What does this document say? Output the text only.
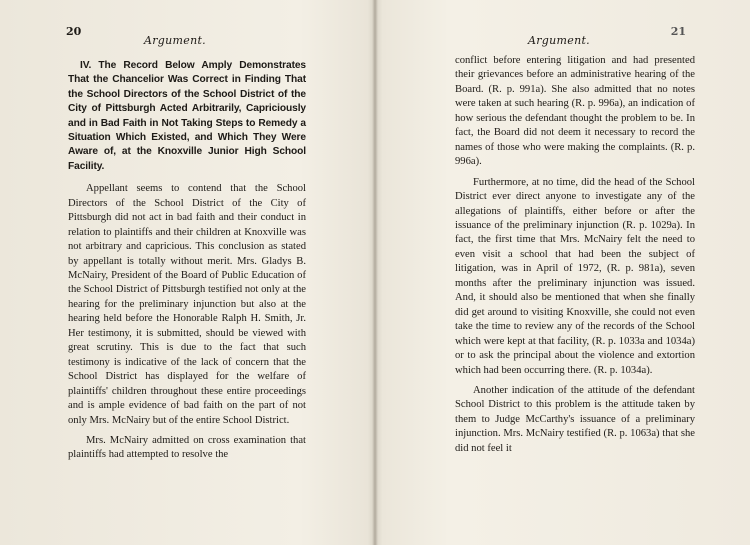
20
Argument.
IV. The Record Below Amply Demonstrates That the Chancelior Was Correct in Finding That the School Directors of the School District of the City of Pittsburgh Acted Arbitrarily, Capriciously and in Bad Faith in Not Taking Steps to Remedy a Situation Which Existed, and Which They Were Aware of, at the Knoxville Junior High School Facility.

Appellant seems to contend that the School Directors of the School District of the City of Pittsburgh did not act in bad faith and their conduct in relation to plaintiffs and their children at Knoxville was not arbitrary and capricious. This conclusion as stated by appellant is totally without merit. Mrs. Gladys B. McNairy, President of the Board of Public Education of the School District of Pittsburgh testified not only at the hearing for the preliminary injunction but also at the hearing held before the Honorable Ralph H. Smith, Jr. Her testimony, it is submitted, should be viewed with great scrutiny. This is due to the fact that such testimony is indicative of the lack of concern that the School District has displayed for the welfare of plaintiffs' children throughout these entire proceedings and is ample evidence of bad faith on the part of not only Mrs. McNairy but of the entire School District.

Mrs. McNairy admitted on cross examination that plaintiffs had attempted to resolve the

21
Argument.

conflict before entering litigation and had presented their grievances before an administrative hearing of the Board. (R. p. 991a). She also admitted that no notes were taken at such hearing (R. p. 996a), an indication of how serious the defendant thought the problem to be. In fact, the Board did not deem it necessary to record the names of those who were making the complaints. (R. p. 996a).

Furthermore, at no time, did the head of the School District ever direct anyone to investigate any of the allegations of plaintiffs, either before or after the issuance of the preliminary injunction (R. p. 1029a). In fact, the first time that Mrs. McNairy felt the need to even visit a school that had been the subject of litigation, was in April of 1972, (R. p. 981a), seven months after the preliminary injunction was issued. And, it should also be mentioned that when she finally did get around to visiting Knoxville, she could not even take the time to review any of the records of the School which were kept at that facility, (R. p. 1033a and 1034a) or to ask the principal about the violence and extortion which had been occurring there. (R. p. 1034a).

Another indication of the attitude of the defendant School District to this problem is the attitude taken by them to Judge McCarthy's issuance of a preliminary injunction. Mrs. McNairy testified (R. p. 1063a) that she did not feel it
